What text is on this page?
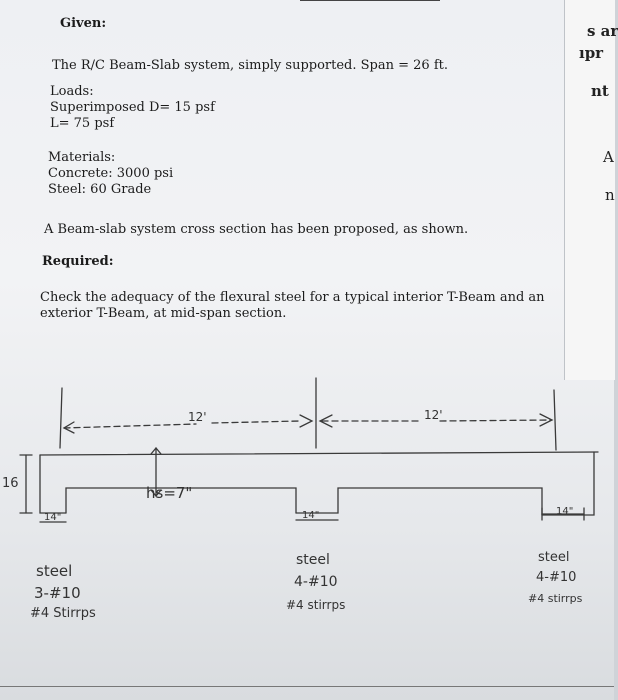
s ar
ıpr
nt
A
n
Given:
The R/C Beam-Slab system, simply supported. Span = 26 ft.
Loads:
Superimposed D= 15 psf
L= 75 psf
Materials:
Concrete: 3000 psi
Steel: 60 Grade
A Beam-slab system cross section has been proposed, as shown.
Required:
Check the adequacy of the flexural steel for a typical interior T-Beam and an
exterior T-Beam, at mid-span section.
12'	12'
16
hs=7"
14"	14"	14"
steel
3-#10
#4 Stirrps
steel
4-#10
#4 stirrps
steel
4-#10
#4 stirrps
